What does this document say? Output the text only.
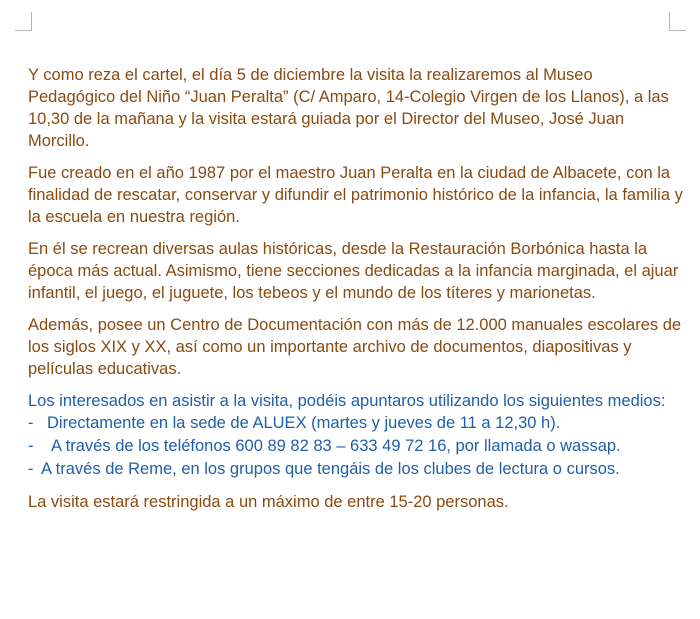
Y como reza el cartel, el día 5 de diciembre la visita la realizaremos al Museo Pedagógico del Niño “Juan Peralta” (C/ Amparo, 14-Colegio Virgen de los Llanos), a las 10,30 de la mañana y la visita estará guiada por el Director del Museo, José Juan Morcillo.

Fue creado en el año 1987 por el maestro Juan Peralta en la ciudad de Albacete, con la finalidad de rescatar, conservar y difundir el patrimonio histórico de la infancia, la familia y la escuela en nuestra región.

En él se recrean diversas aulas históricas, desde la Restauración Borbónica hasta la época más actual. Asimismo, tiene secciones dedicadas a la infancia marginada, el ajuar infantil, el juego, el juguete, los tebeos y el mundo de los títeres y marionetas.

Además, posee un Centro de Documentación con más de 12.000 manuales escolares de los siglos XIX y XX, así como un importante archivo de documentos, diapositivas y películas educativas.

Los interesados en asistir a la visita, podéis apuntaros utilizando los siguientes medios:

- Directamente en la sede de ALUEX (martes y jueves de 11 a 12,30 h).
-	A través de los teléfonos 600 89 82 83 – 633 49 72 16, por llamada o wassap.
- A través de Reme, en los grupos que tengáis de los clubes de lectura o cursos.

La visita estará restringida a un máximo de entre 15-20 personas.
